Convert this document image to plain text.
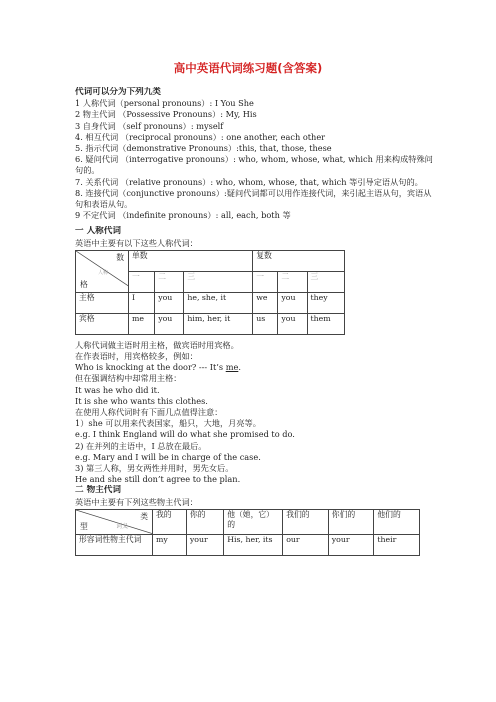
高中英语代词练习题(含答案)
代词可以分为下列九类
1 人称代词（personal pronouns）: I You She
2 物主代词 （Possessive Pronouns）: My, His
3 自身代词 （self pronouns）: myself
4. 相互代词 （reciprocal pronouns）: one another, each other
5. 指示代词（demonstrative Pronouns）:this, that, those, these
6. 疑问代词 （interrogative pronouns）: who, whom, whose, what, which 用来构成特殊问句的。
7. 关系代词 （relative pronouns）: who, whom, whose, that, which 等引导定语从句的。
8. 连接代词（conjunctive pronouns）:疑问代词都可以用作连接代词，来引起主语从句，宾语从句和表语从句。
9 不定代词 （indefinite pronouns）: all, each, both 等
一 人称代词
英语中主要有以下这些人称代词：
数
格
人称	单数			复数		
	一	二	三	一	二	三
主格	I	you	he, she, it	we	you	they
宾格	me	you	him, her, it	us	you	them
人称代词做主语时用主格，做宾语时用宾格。
在作表语时，用宾格较多，例如：
Who is knocking at the door? --- It’s me.
但在强调结构中却常用主格：
It was he who did it.
It is she who wants this clothes.
在使用人称代词时有下面几点值得注意：
1）she 可以用来代表国家，船只，大地，月亮等。
e.g. I think England will do what she promised to do.
2) 在并列的主语中，I 总放在最后。
e.g. Mary and I will be in charge of the case.
3) 第三人称，男女两性并用时，男先女后。
He and she still don’t agree to the plan.
二 物主代词
英语中主要有下列这些物主代词：
类
型 词义	我的	你的	他（她，它）的	我们的	你们的	他们的
形容词性物主代词	my	your	His, her, its	our	your	their
